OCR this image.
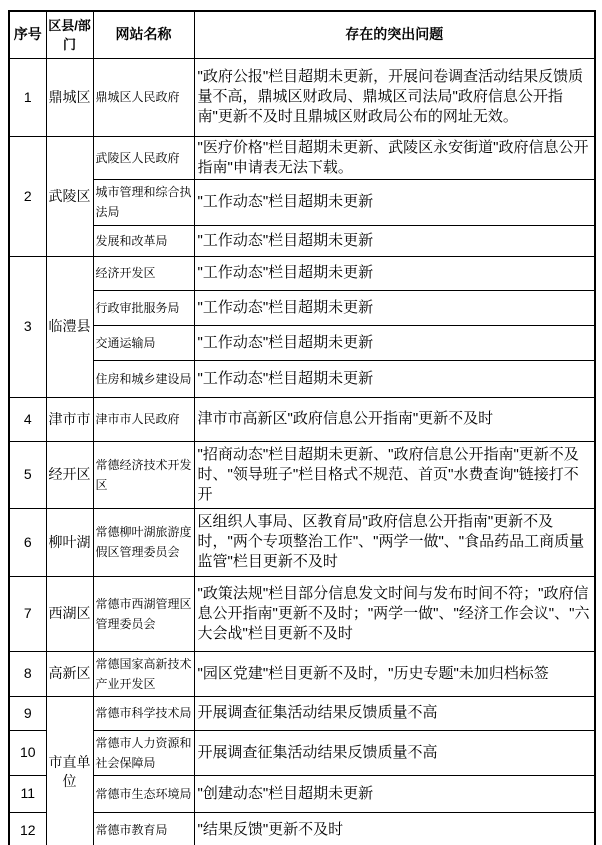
序号	区县/部门	网站名称	存在的突出问题
1	鼎城区	鼎城区人民政府	"政府公报"栏目超期未更新，开展问卷调查活动结果反馈质量不高，鼎城区财政局、鼎城区司法局"政府信息公开指南"更新不及时且鼎城区财政局公布的网址无效。
2	武陵区	武陵区人民政府	"医疗价格"栏目超期未更新、武陵区永安街道"政府信息公开指南"申请表无法下载。
		城市管理和综合执法局	"工作动态"栏目超期未更新
		发展和改革局	"工作动态"栏目超期未更新
3	临澧县	经济开发区	"工作动态"栏目超期未更新
		行政审批服务局	"工作动态"栏目超期未更新
		交通运输局	"工作动态"栏目超期未更新
		住房和城乡建设局	"工作动态"栏目超期未更新
4	津市市	津市市人民政府	津市市高新区"政府信息公开指南"更新不及时
5	经开区	常德经济技术开发区	"招商动态"栏目超期未更新、"政府信息公开指南"更新不及时、"领导班子"栏目格式不规范、首页"水费查询"链接打不开
6	柳叶湖	常德柳叶湖旅游度假区管理委员会	区组织人事局、区教育局"政府信息公开指南"更新不及时，"两个专项整治工作"、"两学一做"、"食品药品工商质量监管"栏目更新不及时
7	西湖区	常德市西湖管理区管理委员会	"政策法规"栏目部分信息发文时间与发布时间不符；"政府信息公开指南"更新不及时；"两学一做"、"经济工作会议"、"六大会战"栏目更新不及时
8	高新区	常德国家高新技术产业开发区	"园区党建"栏目更新不及时，"历史专题"未加归档标签
9	市直单位	常德市科学技术局	开展调查征集活动结果反馈质量不高
10		常德市人力资源和社会保障局	开展调查征集活动结果反馈质量不高
11		常德市生态环境局	"创建动态"栏目超期未更新
12		常德市教育局	"结果反馈"更新不及时
